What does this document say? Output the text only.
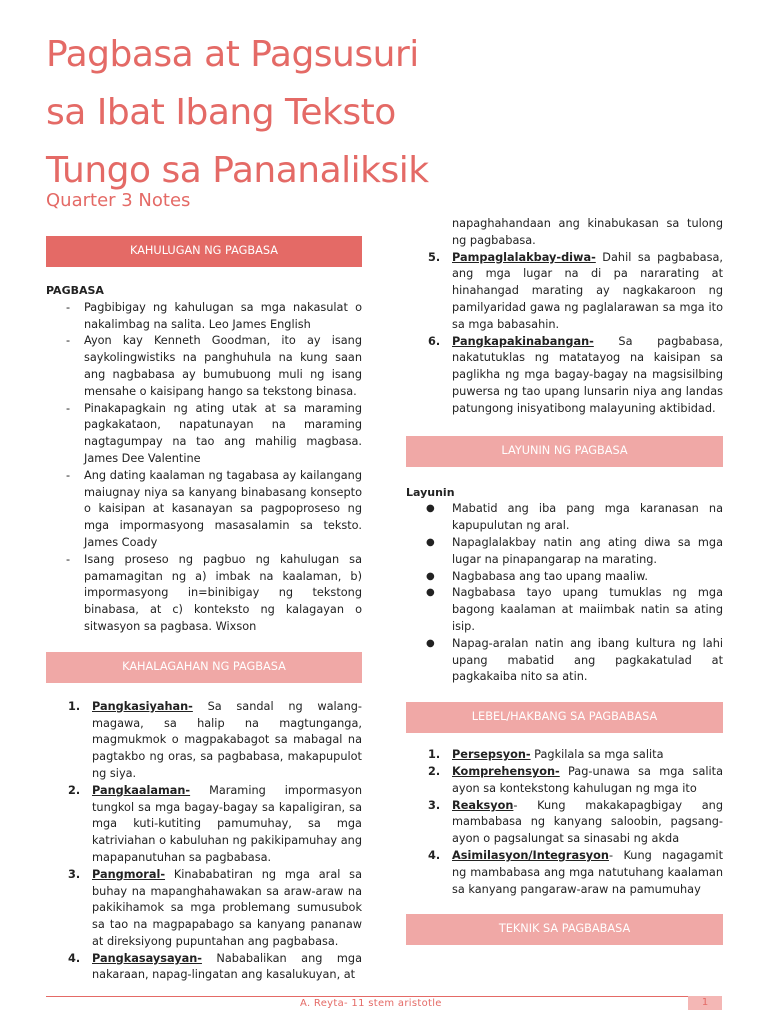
Pagbasa at Pagsusuri
sa Ibat Ibang Teksto
Tungo sa Pananaliksik

Quarter 3 Notes

KAHULUGAN NG PAGBASA

PAGBASA

-	Pagbibigay ng kahulugan sa mga nakasulat o nakalimbag na salita. Leo James English
-	Ayon kay Kenneth Goodman, ito ay isang saykolingwistiks na panghuhula na kung saan ang nagbabasa ay bumubuong muli ng isang mensahe o kaisipang hango sa tekstong binasa.
-	Pinakapagkain ng ating utak at sa maraming pagkakataon, napatunayan na maraming nagtagumpay na tao ang mahilig magbasa. James Dee Valentine
-	Ang dating kaalaman ng tagabasa ay kailangang maiugnay niya sa kanyang binabasang konsepto o kaisipan at kasanayan sa pagpoproseso ng mga impormasyong masasalamin sa teksto. James Coady
-	Isang proseso ng pagbuo ng kahulugan sa pamamagitan ng a) imbak na kaalaman, b) impormasyong in=binibigay ng tekstong binabasa, at c) konteksto ng kalagayan o sitwasyon sa pagbasa. Wixson
KAHALAGAHAN NG PAGBASA
1.	Pangkasiyahan- Sa sandal ng walang-magawa, sa halip na magtunganga, magmukmok o magpakabagot sa mabagal na pagtakbo ng oras, sa pagbabasa, makapupulot ng siya.
2.	Pangkaalaman- Maraming impormasyon tungkol sa mga bagay-bagay sa kapaligiran, sa mga kuti-kutiting pamumuhay, sa mga katriviahan o kabuluhan ng pakikipamuhay ang mapapanutuhan sa pagbabasa.
3.	Pangmoral- Kinababatiran ng mga aral sa buhay na mapanghahawakan sa araw-araw na pakikihamok sa mga problemang sumusubok sa tao na magpapabago sa kanyang pananaw at direksiyong pupuntahan ang pagbabasa.
4.	Pangkasaysayan- Nababalikan ang mga nakaraan, napag-lingatan ang kasalukuyan, at

napaghahandaan ang kinabukasan sa tulong ng pagbabasa.

5.	Pampaglalakbay-diwa- Dahil sa pagbabasa, ang mga lugar na di pa nararating at hinahangad marating ay nagkakaroon ng pamilyaridad gawa ng paglalarawan sa mga ito sa mga babasahin.
6.	Pangkapakinabangan- Sa pagbabasa, nakatutuklas ng matatayog na kaisipan sa paglikha ng mga bagay-bagay na magsisilbing puwersa ng tao upang lunsarin niya ang landas patungong inisyatibong malayuning aktibidad.
LAYUNIN NG PAGBASA

Layunin

●	Mabatid ang iba pang mga karanasan na kapupulutan ng aral.
●	Napaglalakbay natin ang ating diwa sa mga lugar na pinapangarap na marating.
●	Nagbabasa ang tao upang maaliw.
●	Nagbabasa tayo upang tumuklas ng mga bagong kaalaman at maiimbak natin sa ating isip.
●	Napag-aralan natin ang ibang kultura ng lahi upang mabatid ang pagkakatulad at pagkakaiba nito sa atin.
LEBEL/HAKBANG SA PAGBABASA
1.	Persepsyon- Pagkilala sa mga salita
2.	Komprehensyon- Pag-unawa sa mga salita ayon sa kontekstong kahulugan ng mga ito
3.	Reaksyon- Kung makakapagbigay ang mambabasa ng kanyang saloobin, pagsang-ayon o pagsalungat sa sinasabi ng akda
4.	Asimilasyon/Integrasyon- Kung nagagamit ng mambabasa ang mga natutuhang kaalaman sa kanyang pangaraw-araw na pamumuhay
TEKNIK SA PAGBABASA
A. Reyta- 11 stem aristotle	1
